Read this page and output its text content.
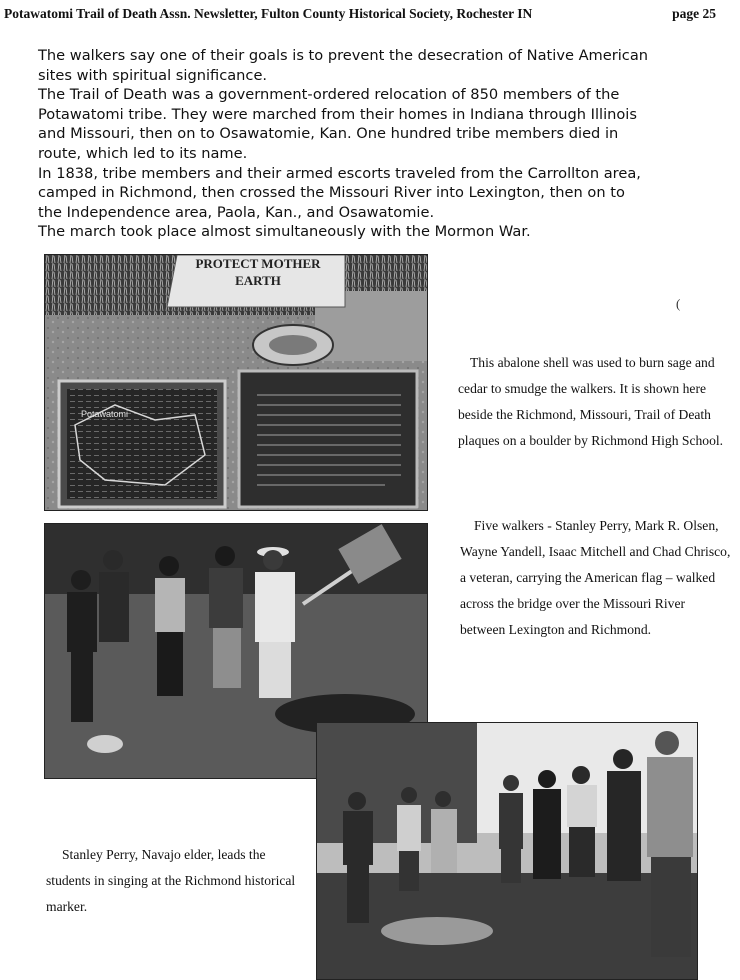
Potawatomi Trail of Death Assn. Newsletter, Fulton County Historical Society, Rochester IN	page 25

The walkers say one of their goals is to prevent the desecration of Native American sites with spiritual significance.

The Trail of Death was a government-ordered relocation of 850 members of the Potawatomi tribe. They were marched from their homes in Indiana through Illinois and Missouri, then on to Osawatomie, Kan. One hundred tribe members died in route, which led to its name.

In 1838, tribe members and their armed escorts traveled from the Carrollton area, camped in Richmond, then crossed the Missouri River into Lexington, then on to the Independence area, Paola, Kan., and Osawatomie.

The march took place almost simultaneously with the Mormon War.

PROTECT MOTHER
EARTH
Potawatomi
This abalone shell was used to burn sage and cedar to smudge the walkers. It is shown here beside the Richmond, Missouri, Trail of Death plaques on a boulder by Richmond High School.
(
Five walkers - Stanley Perry, Mark R. Olsen, Wayne Yandell, Isaac Mitchell and Chad Chrisco, a veteran, carrying the American flag – walked across the bridge over the Missouri River between Lexington and Richmond.
Stanley Perry, Navajo elder, leads the students in singing at the Richmond historical marker.
